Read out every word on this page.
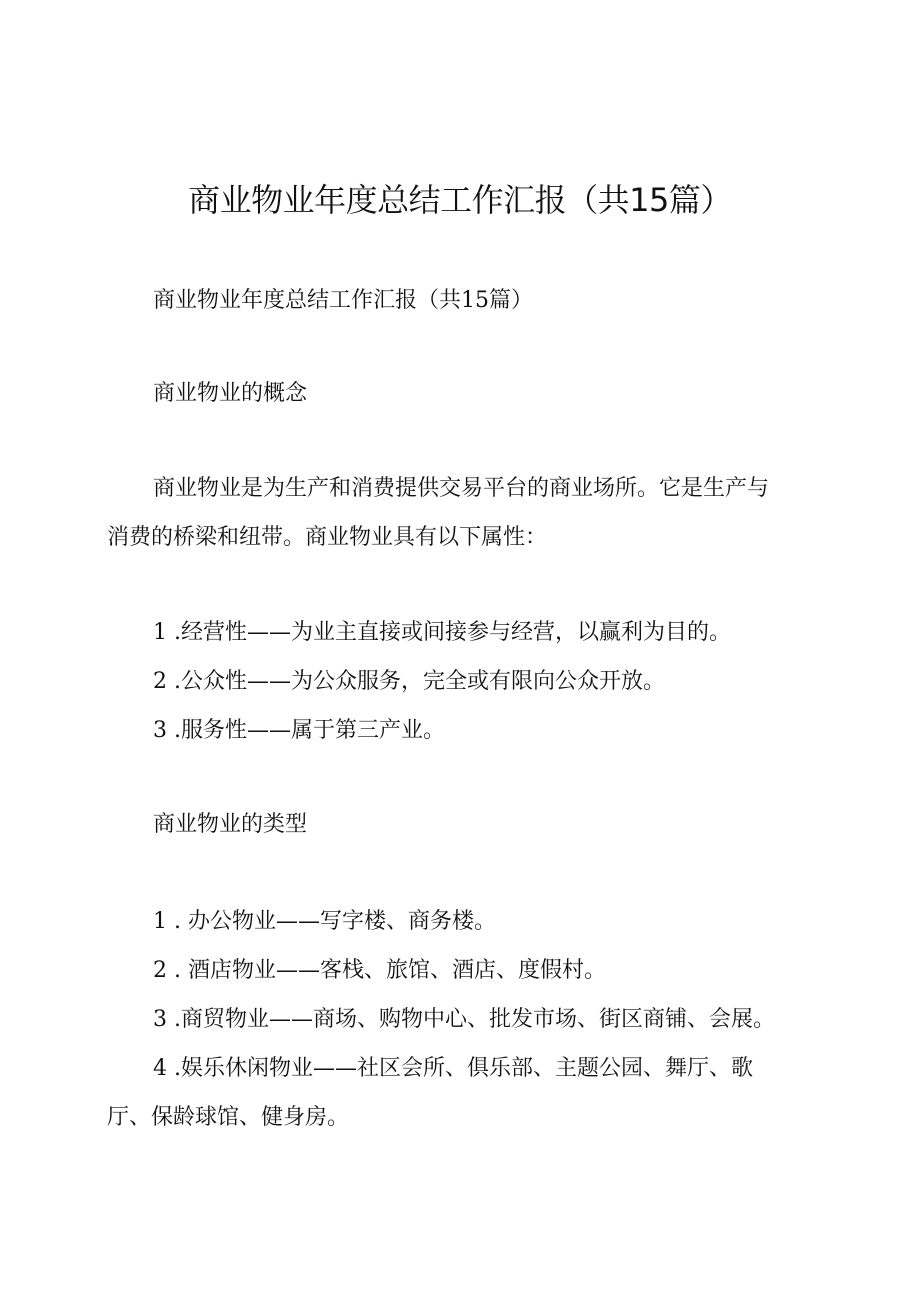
商业物业年度总结工作汇报（共15篇）
商业物业年度总结工作汇报（共15篇）
商业物业的概念
商业物业是为生产和消费提供交易平台的商业场所。它是生产与
消费的桥梁和纽带。商业物业具有以下属性：
1 .经营性——为业主直接或间接参与经营，以赢利为目的。
2 .公众性——为公众服务，完全或有限向公众开放。
3 .服务性——属于第三产业。
商业物业的类型
1 . 办公物业——写字楼、商务楼。
2 . 酒店物业——客栈、旅馆、酒店、度假村。
3 .商贸物业——商场、购物中心、批发市场、街区商铺、会展。
4 .娱乐休闲物业——社区会所、俱乐部、主题公园、舞厅、歌
厅、保龄球馆、健身房。
